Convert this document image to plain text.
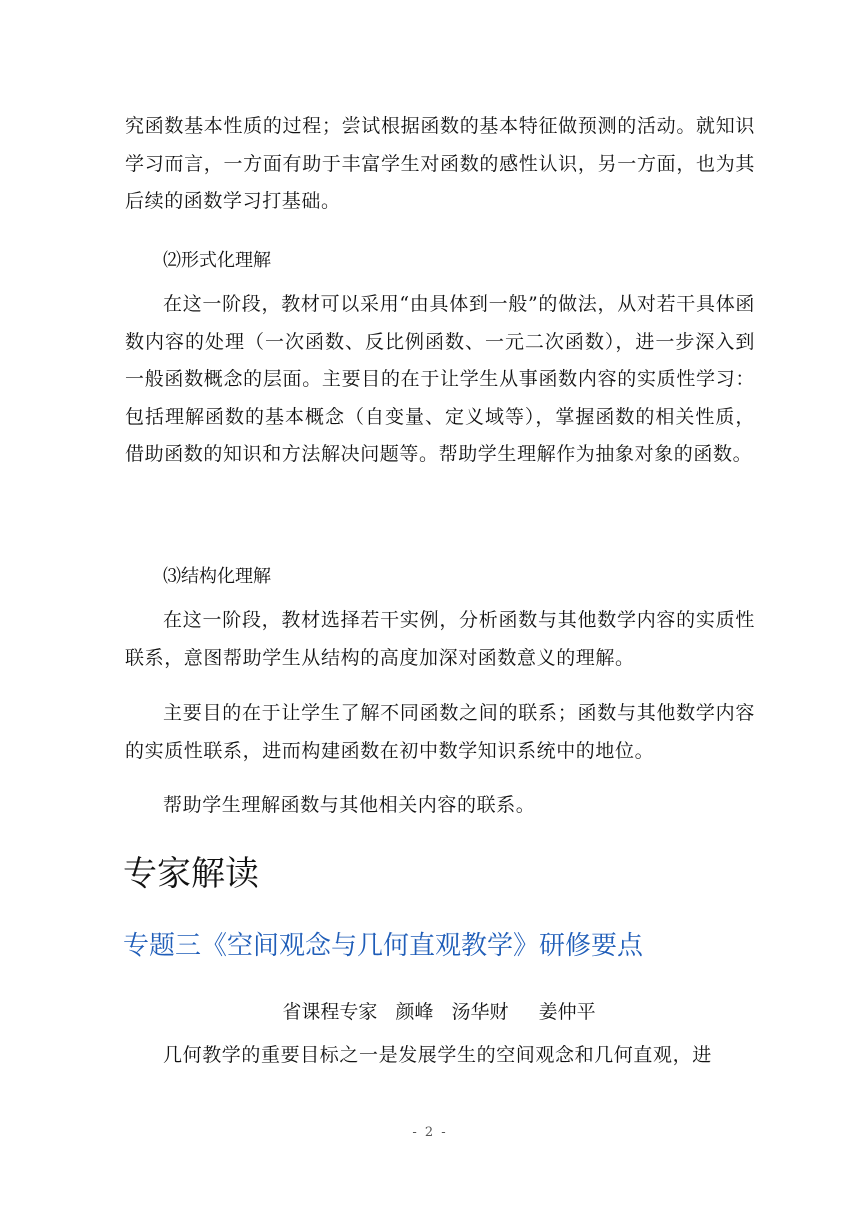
究函数基本性质的过程；尝试根据函数的基本特征做预测的活动。就知识学习而言，一方面有助于丰富学生对函数的感性认识，另一方面，也为其后续的函数学习打基础。

⑵形式化理解

在这一阶段，教材可以采用“由具体到一般”的做法，从对若干具体函数内容的处理（一次函数、反比例函数、一元二次函数），进一步深入到一般函数概念的层面。主要目的在于让学生从事函数内容的实质性学习：包括理解函数的基本概念（自变量、定义域等），掌握函数的相关性质，借助函数的知识和方法解决问题等。帮助学生理解作为抽象对象的函数。

⑶结构化理解

在这一阶段，教材选择若干实例，分析函数与其他数学内容的实质性联系，意图帮助学生从结构的高度加深对函数意义的理解。

主要目的在于让学生了解不同函数之间的联系；函数与其他数学内容的实质性联系，进而构建函数在初中数学知识系统中的地位。

帮助学生理解函数与其他相关内容的联系。

专家解读
专题三《空间观念与几何直观教学》研修要点

省课程专家 颜峰 汤华财 姜仲平

几何教学的重要目标之一是发展学生的空间观念和几何直观，进

- 2 -
